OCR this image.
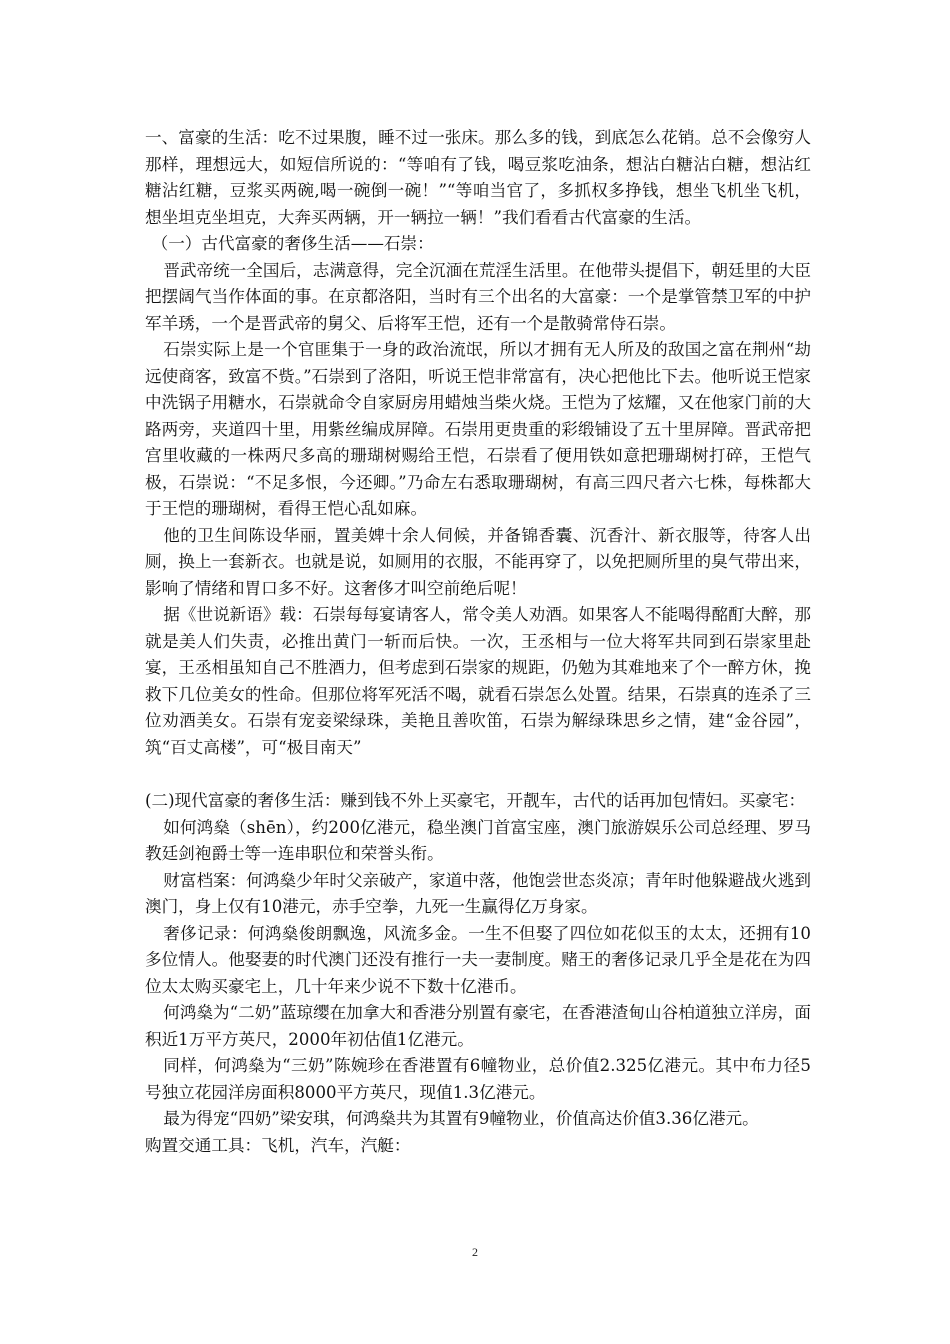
一、富豪的生活：吃不过果腹，睡不过一张床。那么多的钱，到底怎么花销。总不会像穷人那样，理想远大，如短信所说的：“等咱有了钱，喝豆浆吃油条，想沾白糖沾白糖，想沾红糖沾红糖，豆浆买两碗,喝一碗倒一碗！”“等咱当官了，多抓权多挣钱，想坐飞机坐飞机，想坐坦克坐坦克，大奔买两辆，开一辆拉一辆！”我们看看古代富豪的生活。

（一）古代富豪的奢侈生活——石崇：

晋武帝统一全国后，志满意得，完全沉湎在荒淫生活里。在他带头提倡下，朝廷里的大臣把摆阔气当作体面的事。在京都洛阳，当时有三个出名的大富豪：一个是掌管禁卫军的中护军羊琇，一个是晋武帝的舅父、后将军王恺，还有一个是散骑常侍石崇。

石崇实际上是一个官匪集于一身的政治流氓，所以才拥有无人所及的敌国之富在荆州“劫远使商客，致富不赀。”石崇到了洛阳，听说王恺非常富有，决心把他比下去。他听说王恺家中洗锅子用糖水，石崇就命令自家厨房用蜡烛当柴火烧。王恺为了炫耀，又在他家门前的大路两旁，夹道四十里，用紫丝编成屏障。石崇用更贵重的彩缎铺设了五十里屏障。晋武帝把宫里收藏的一株两尺多高的珊瑚树赐给王恺，石崇看了便用铁如意把珊瑚树打碎，王恺气极，石崇说：“不足多恨，今还卿。”乃命左右悉取珊瑚树，有高三四尺者六七株，每株都大于王恺的珊瑚树，看得王恺心乱如麻。

他的卫生间陈设华丽，置美婢十余人伺候，并备锦香囊、沉香汁、新衣服等，待客人出厕，换上一套新衣。也就是说，如厕用的衣服，不能再穿了，以免把厕所里的臭气带出来，影响了情绪和胃口多不好。这奢侈才叫空前绝后呢！

据《世说新语》载：石崇每每宴请客人，常令美人劝酒。如果客人不能喝得酩酊大醉，那就是美人们失责，必推出黄门一斩而后快。一次，王丞相与一位大将军共同到石崇家里赴宴，王丞相虽知自己不胜酒力，但考虑到石崇家的规距，仍勉为其难地来了个一醉方休，挽救下几位美女的性命。但那位将军死活不喝，就看石崇怎么处置。结果，石崇真的连杀了三位劝酒美女。石崇有宠妾梁绿珠，美艳且善吹笛，石崇为解绿珠思乡之情，建“金谷园”，筑“百丈高楼”，可“极目南天”

(二)现代富豪的奢侈生活：赚到钱不外上买豪宅，开靓车，古代的话再加包情妇。买豪宅：

如何鸿燊（shēn），约200亿港元，稳坐澳门首富宝座，澳门旅游娱乐公司总经理、罗马教廷剑袍爵士等一连串职位和荣誉头衔。

财富档案：何鸿燊少年时父亲破产，家道中落，他饱尝世态炎凉；青年时他躲避战火逃到澳门，身上仅有10港元，赤手空拳，九死一生赢得亿万身家。

奢侈记录：何鸿燊俊朗飘逸，风流多金。一生不但娶了四位如花似玉的太太，还拥有10多位情人。他娶妻的时代澳门还没有推行一夫一妻制度。赌王的奢侈记录几乎全是花在为四位太太购买豪宅上，几十年来少说不下数十亿港币。

何鸿燊为“二奶”蓝琼缨在加拿大和香港分别置有豪宅，在香港渣甸山谷柏道独立洋房，面积近1万平方英尺，2000年初估值1亿港元。

同样，何鸿燊为“三奶”陈婉珍在香港置有6幢物业，总价值2.325亿港元。其中布力径5号独立花园洋房面积8000平方英尺，现值1.3亿港元。

最为得宠“四奶”梁安琪，何鸿燊共为其置有9幢物业，价值高达价值3.36亿港元。

购置交通工具：飞机，汽车，汽艇：

2
